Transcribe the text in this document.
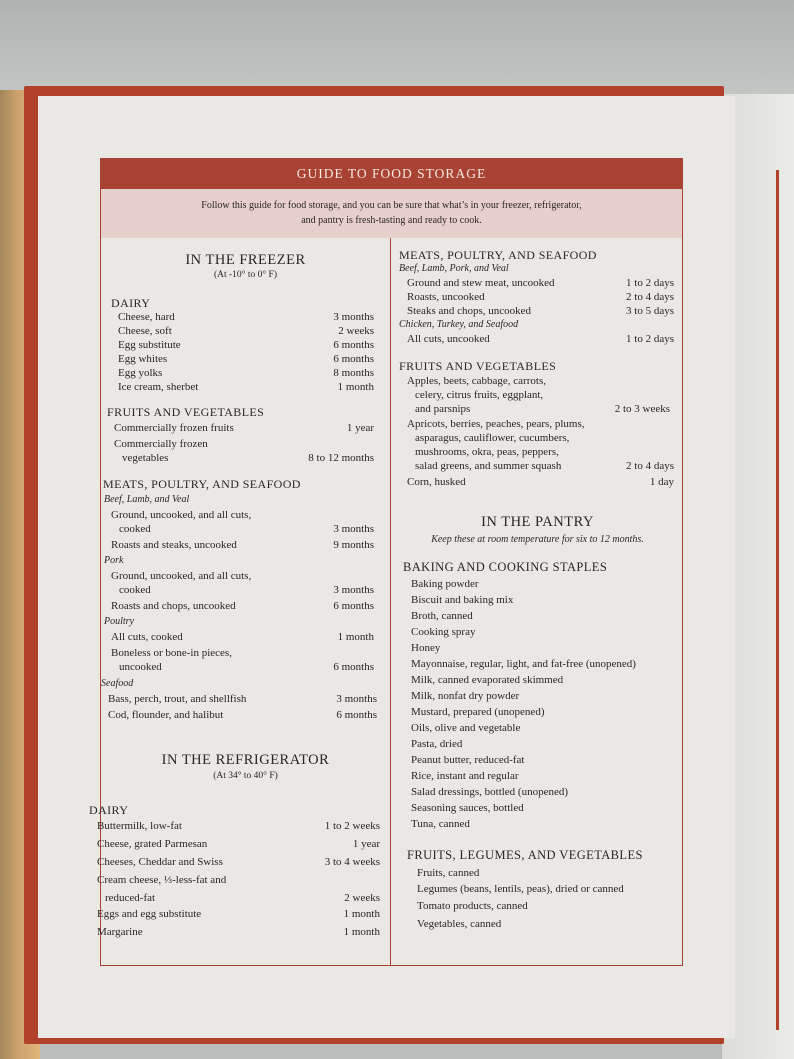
GUIDE TO FOOD STORAGE
Follow this guide for food storage, and you can be sure that what’s in your freezer, refrigerator,
and pantry is fresh-tasting and ready to cook.
IN THE FREEZER
(At -10° to 0° F)
DAIRY
Cheese, hard	3 months
Cheese, soft	2 weeks
Egg substitute	6 months
Egg whites	6 months
Egg yolks	8 months
Ice cream, sherbet	1 month
FRUITS AND VEGETABLES
Commercially frozen fruits	1 year
Commercially frozen
vegetables	8 to 12 months
MEATS, POULTRY, AND SEAFOOD
Beef, Lamb, and Veal
Ground, uncooked, and all cuts,
cooked	3 months
Roasts and steaks, uncooked	9 months
Pork
Ground, uncooked, and all cuts,
cooked	3 months
Roasts and chops, uncooked	6 months
Poultry
All cuts, cooked	1 month
Boneless or bone-in pieces,
uncooked	6 months
Seafood
Bass, perch, trout, and shellfish	3 months
Cod, flounder, and halibut	6 months
IN THE REFRIGERATOR
(At 34° to 40° F)
DAIRY
Buttermilk, low-fat	1 to 2 weeks
Cheese, grated Parmesan	1 year
Cheeses, Cheddar and Swiss	3 to 4 weeks
Cream cheese, ⅓-less-fat and
reduced-fat	2 weeks
Eggs and egg substitute	1 month
Margarine	1 month
MEATS, POULTRY, AND SEAFOOD
Beef, Lamb, Pork, and Veal
Ground and stew meat, uncooked	1 to 2 days
Roasts, uncooked	2 to 4 days
Steaks and chops, uncooked	3 to 5 days
Chicken, Turkey, and Seafood
All cuts, uncooked	1 to 2 days
FRUITS AND VEGETABLES
Apples, beets, cabbage, carrots,
celery, citrus fruits, eggplant,
and parsnips	2 to 3 weeks
Apricots, berries, peaches, pears, plums,
asparagus, cauliflower, cucumbers,
mushrooms, okra, peas, peppers,
salad greens, and summer squash	2 to 4 days
Corn, husked	1 day
IN THE PANTRY
Keep these at room temperature for six to 12 months.
BAKING AND COOKING STAPLES
Baking powder
Biscuit and baking mix
Broth, canned
Cooking spray
Honey
Mayonnaise, regular, light, and fat-free (unopened)
Milk, canned evaporated skimmed
Milk, nonfat dry powder
Mustard, prepared (unopened)
Oils, olive and vegetable
Pasta, dried
Peanut butter, reduced-fat
Rice, instant and regular
Salad dressings, bottled (unopened)
Seasoning sauces, bottled
Tuna, canned
FRUITS, LEGUMES, AND VEGETABLES
Fruits, canned
Legumes (beans, lentils, peas), dried or canned
Tomato products, canned
Vegetables, canned
